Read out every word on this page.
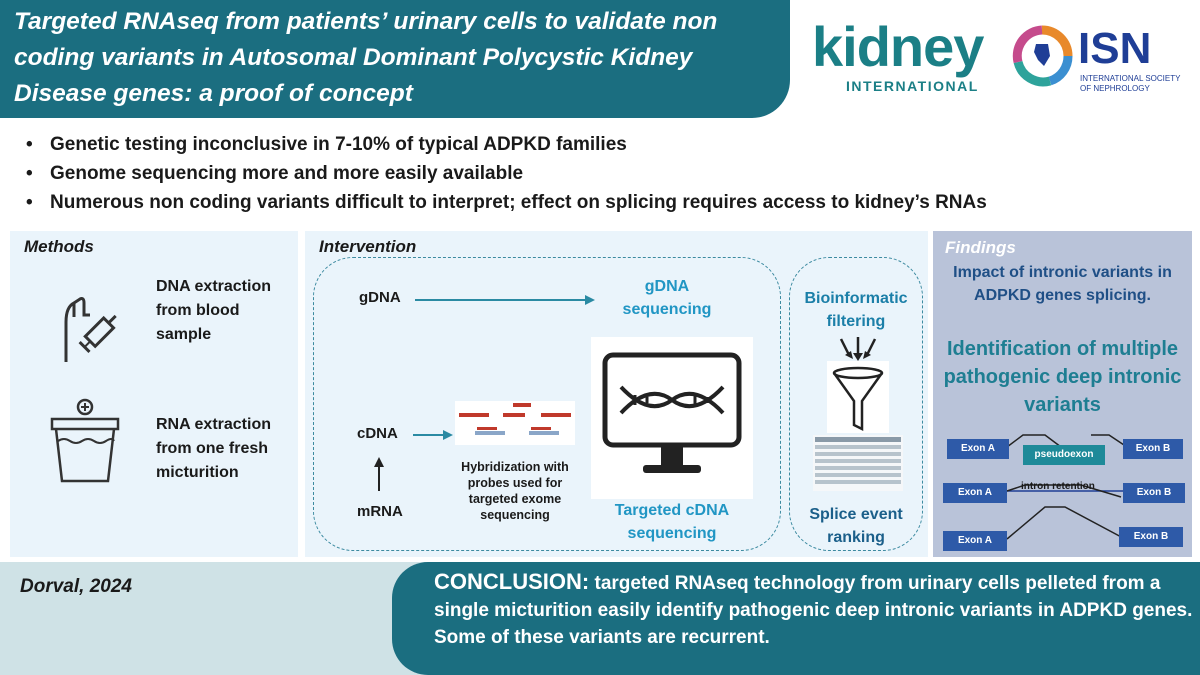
Targeted RNAseq from patients’ urinary cells to validate non coding variants in Autosomal Dominant Polycystic Kidney Disease genes: a proof of concept
kidney
INTERNATIONAL
ISN
INTERNATIONAL SOCIETY OF NEPHROLOGY
• Genetic testing inconclusive in 7-10% of typical ADPKD families
• Genome sequencing more and more easily available
• Numerous non coding variants difficult to interpret; effect on splicing requires access to kidney’s RNAs
Methods
DNA extraction from blood sample
RNA extraction from one fresh micturition
Intervention
gDNA
gDNA sequencing
cDNA
mRNA
Hybridization with probes used for targeted exome sequencing	Targeted cDNA sequencing
Bioinformatic filtering
Splice event ranking
Findings
Impact of intronic variants in ADPKD genes splicing.
Identification of multiple pathogenic deep intronic variants
Exon A
pseudoexon
Exon B
Exon A
intron retention
Exon B
Exon A	Exon B
Dorval, 2024	CONCLUSION: targeted RNAseq technology from urinary cells pelleted from a single micturition easily identify pathogenic deep intronic variants in ADPKD genes. Some of these variants are recurrent.
